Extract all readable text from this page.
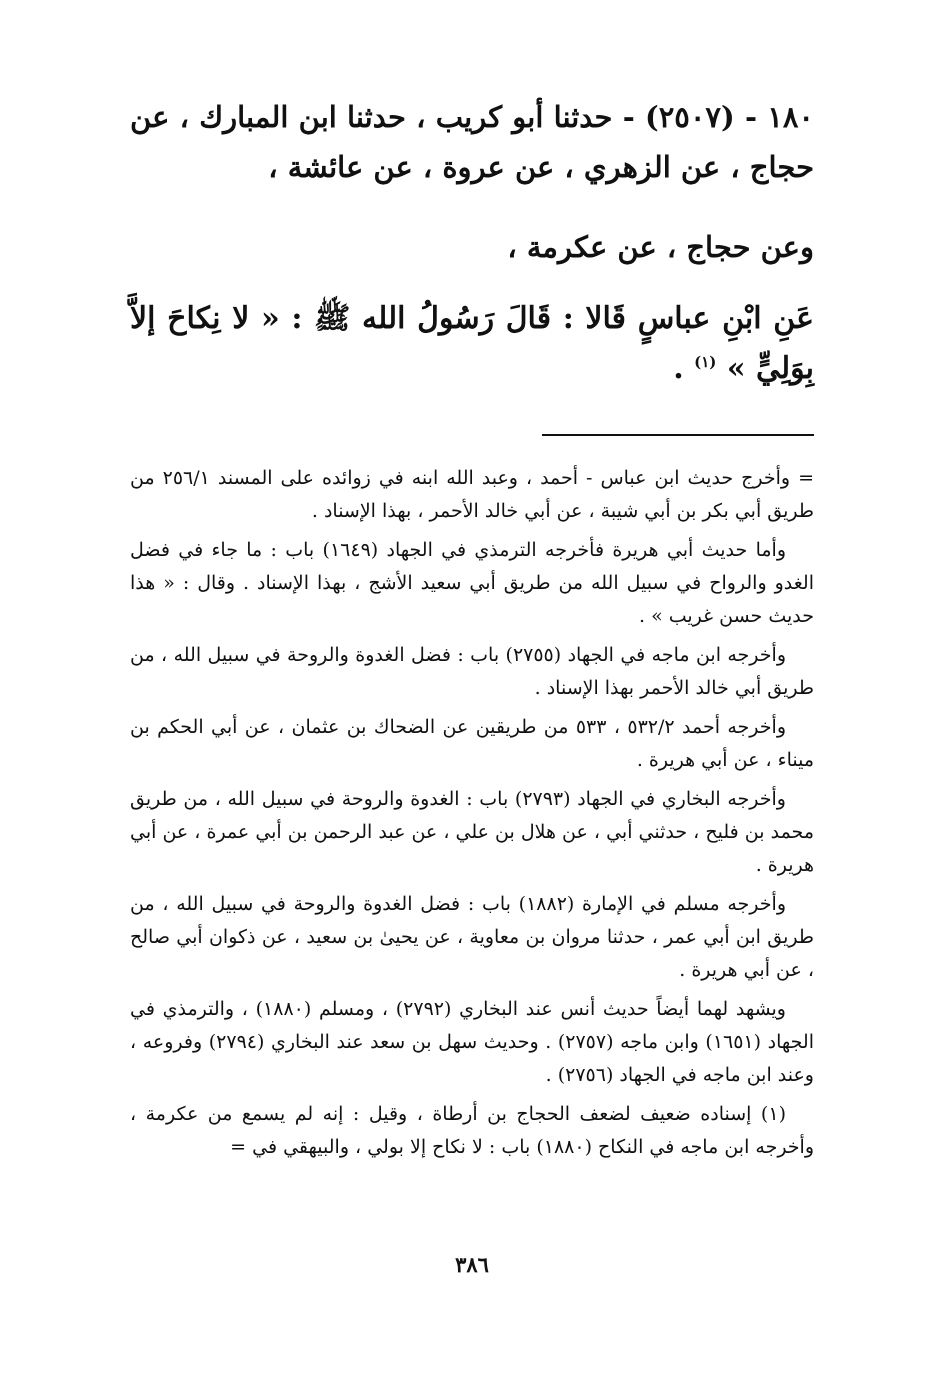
١٨٠ - (٢٥٠٧) - حدثنا أبو كريب ، حدثنا ابن المبارك ، عن حجاج ، عن الزهري ، عن عروة ، عن عائشة ،

وعن حجاج ، عن عكرمة ،

عَنِ ابْنِ عباسٍ قَالا : قَالَ رَسُولُ الله ﷺ : « لا نِكاحَ إلاَّ بِوَلِيٍّ » $^{(١)}$ .

= وأخرج حديث ابن عباس - أحمد ، وعبد الله ابنه في زوائده على المسند ٢٥٦/١ من طريق أبي بكر بن أبي شيبة ، عن أبي خالد الأحمر ، بهذا الإسناد .

وأما حديث أبي هريرة فأخرجه الترمذي في الجهاد (١٦٤٩) باب : ما جاء في فضل الغدو والرواح في سبيل الله من طريق أبي سعيد الأشج ، بهذا الإسناد . وقال : « هذا حديث حسن غريب » .

وأخرجه ابن ماجه في الجهاد (٢٧٥٥) باب : فضل الغدوة والروحة في سبيل الله ، من طريق أبي خالد الأحمر بهذا الإسناد .

وأخرجه أحمد ٥٣٢/٢ ، ٥٣٣ من طريقين عن الضحاك بن عثمان ، عن أبي الحكم بن ميناء ، عن أبي هريرة .

وأخرجه البخاري في الجهاد (٢٧٩٣) باب : الغدوة والروحة في سبيل الله ، من طريق محمد بن فليح ، حدثني أبي ، عن هلال بن علي ، عن عبد الرحمن بن أبي عمرة ، عن أبي هريرة .

وأخرجه مسلم في الإمارة (١٨٨٢) باب : فضل الغدوة والروحة في سبيل الله ، من طريق ابن أبي عمر ، حدثنا مروان بن معاوية ، عن يحيىٰ بن سعيد ، عن ذكوان أبي صالح ، عن أبي هريرة .

ويشهد لهما أيضاً حديث أنس عند البخاري (٢٧٩٢) ، ومسلم (١٨٨٠) ، والترمذي في الجهاد (١٦٥١) وابن ماجه (٢٧٥٧) . وحديث سهل بن سعد عند البخاري (٢٧٩٤) وفروعه ، وعند ابن ماجه في الجهاد (٢٧٥٦) .

(١) إسناده ضعيف لضعف الحجاج بن أرطاة ، وقيل : إنه لم يسمع من عكرمة ، وأخرجه ابن ماجه في النكاح (١٨٨٠) باب : لا نكاح إلا بولي ، والبيهقي في =

٣٨٦
